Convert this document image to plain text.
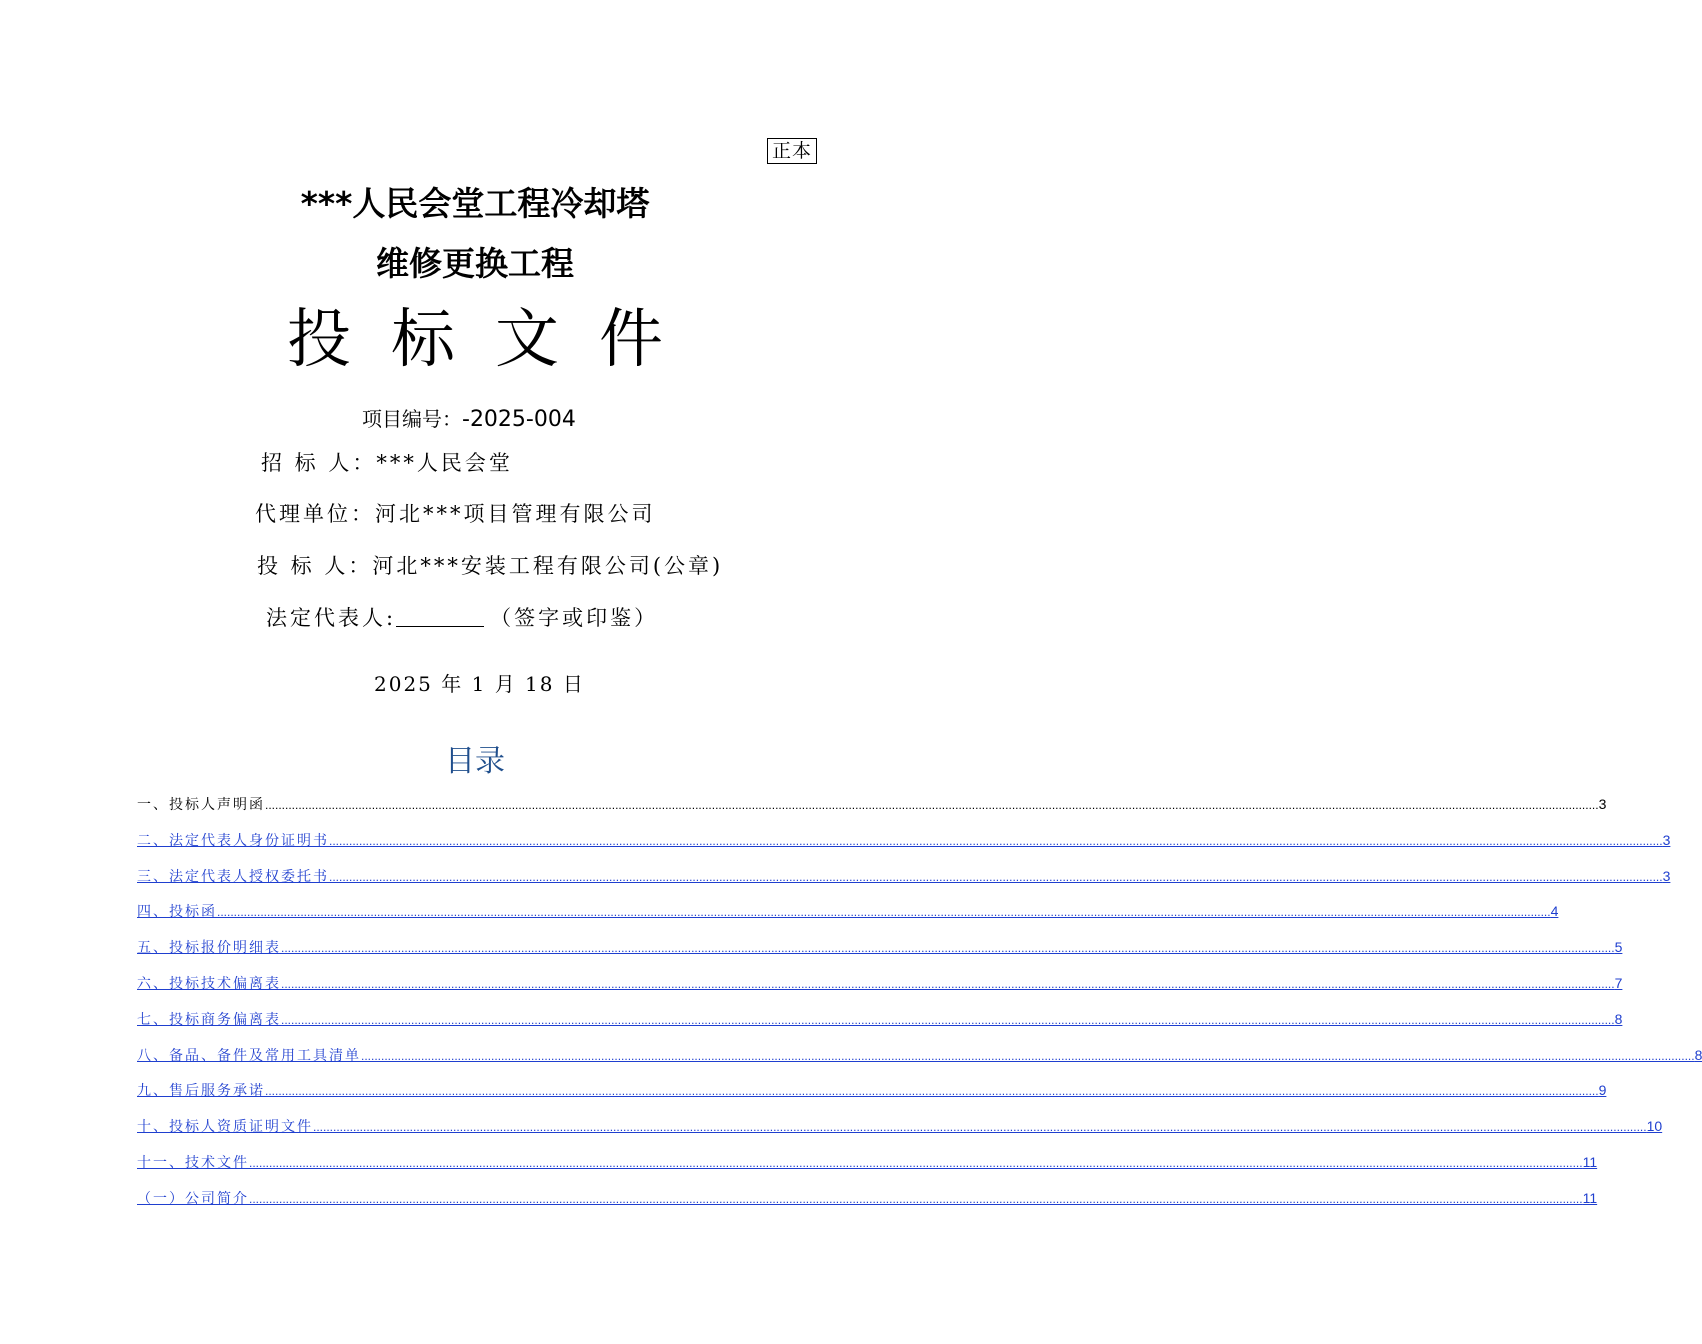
正本
***人民会堂工程冷却塔
维修更换工程
投标文件
项目编号：-2025-004
招 标 人：***人民会堂
代理单位：河北***项目管理有限公司
投 标 人：河北***安装工程有限公司(公章)
法定代表人:	（签字或印鉴）
2025 年 1 月 18 日
目录
一、投标人声明函 ................................................................................................................................................................................................................................................................................................................................................................................................................ 3
二、法定代表人身份证明书 ................................................................................................................................................................................................................................................................................................................................................................................................................ 3
三、法定代表人授权委托书 ................................................................................................................................................................................................................................................................................................................................................................................................................ 3
四、投标函 ................................................................................................................................................................................................................................................................................................................................................................................................................ 4
五、投标报价明细表 ................................................................................................................................................................................................................................................................................................................................................................................................................ 5
六、投标技术偏离表 ................................................................................................................................................................................................................................................................................................................................................................................................................ 7
七、投标商务偏离表 ................................................................................................................................................................................................................................................................................................................................................................................................................ 8
八、备品、备件及常用工具清单 ................................................................................................................................................................................................................................................................................................................................................................................................................ 8
九、售后服务承诺 ................................................................................................................................................................................................................................................................................................................................................................................................................ 9
十、投标人资质证明文件 ................................................................................................................................................................................................................................................................................................................................................................................................................ 10
十一、技术文件 ................................................................................................................................................................................................................................................................................................................................................................................................................ 11
（一）公司简介 ................................................................................................................................................................................................................................................................................................................................................................................................................ 11
